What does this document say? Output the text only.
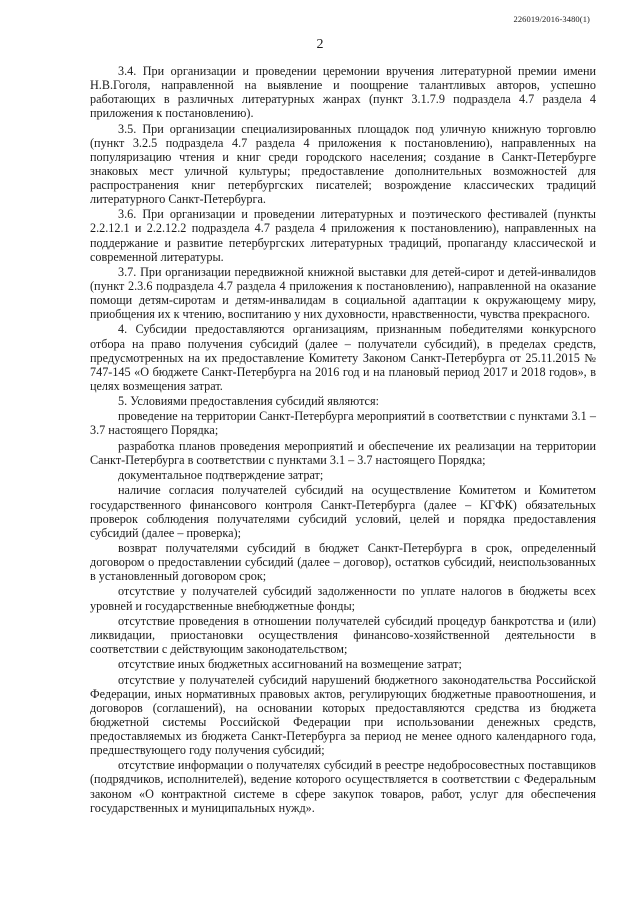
226019/2016-3480(1)
2

3.4. При организации и проведении церемонии вручения литературной премии имени Н.В.Гоголя, направленной на выявление и поощрение талантливых авторов, успешно работающих в различных литературных жанрах (пункт 3.1.7.9 подраздела 4.7 раздела 4 приложения к постановлению).

3.5. При организации специализированных площадок под уличную книжную торговлю (пункт 3.2.5 подраздела 4.7 раздела 4 приложения к постановлению), направленных на популяризацию чтения и книг среди городского населения; создание в Санкт-Петербурге знаковых мест уличной культуры; предоставление дополнительных возможностей для распространения книг петербургских писателей; возрождение классических традиций литературного Санкт-Петербурга.

3.6. При организации и проведении литературных и поэтического фестивалей (пункты 2.2.12.1 и 2.2.12.2 подраздела 4.7 раздела 4 приложения к постановлению), направленных на поддержание и развитие петербургских литературных традиций, пропаганду классической и современной литературы.

3.7. При организации передвижной книжной выставки для детей-сирот и детей-инвалидов (пункт 2.3.6 подраздела 4.7 раздела 4 приложения к постановлению), направленной на оказание помощи детям-сиротам и детям-инвалидам в социальной адаптации к окружающему миру, приобщения их к чтению, воспитанию у них духовности, нравственности, чувства прекрасного.

4. Субсидии предоставляются организациям, признанным победителями конкурсного отбора на право получения субсидий (далее – получатели субсидий), в пределах средств, предусмотренных на их предоставление Комитету Законом Санкт-Петербурга от 25.11.2015 № 747-145 «О бюджете Санкт-Петербурга на 2016 год и на плановый период 2017 и 2018 годов», в целях возмещения затрат.

5. Условиями предоставления субсидий являются:

проведение на территории Санкт-Петербурга мероприятий в соответствии с пунктами 3.1 – 3.7 настоящего Порядка;

разработка планов проведения мероприятий и обеспечение их реализации на территории Санкт-Петербурга в соответствии с пунктами 3.1 – 3.7 настоящего Порядка;

документальное подтверждение затрат;

наличие согласия получателей субсидий на осуществление Комитетом и Комитетом государственного финансового контроля Санкт-Петербурга (далее – КГФК) обязательных проверок соблюдения получателями субсидий условий, целей и порядка предоставления субсидий (далее – проверка);

возврат получателями субсидий в бюджет Санкт-Петербурга в срок, определенный договором о предоставлении субсидий (далее – договор), остатков субсидий, неиспользованных в установленный договором срок;

отсутствие у получателей субсидий задолженности по уплате налогов в бюджеты всех уровней и государственные внебюджетные фонды;

отсутствие проведения в отношении получателей субсидий процедур банкротства и (или) ликвидации, приостановки осуществления финансово-хозяйственной деятельности в соответствии с действующим законодательством;

отсутствие иных бюджетных ассигнований на возмещение затрат;

отсутствие у получателей субсидий нарушений бюджетного законодательства Российской Федерации, иных нормативных правовых актов, регулирующих бюджетные правоотношения, и договоров (соглашений), на основании которых предоставляются средства из бюджета бюджетной системы Российской Федерации при использовании денежных средств, предоставляемых из бюджета Санкт-Петербурга за период не менее одного календарного года, предшествующего году получения субсидий;

отсутствие информации о получателях субсидий в реестре недобросовестных поставщиков (подрядчиков, исполнителей), ведение которого осуществляется в соответствии с Федеральным законом «О контрактной системе в сфере закупок товаров, работ, услуг для обеспечения государственных и муниципальных нужд».
